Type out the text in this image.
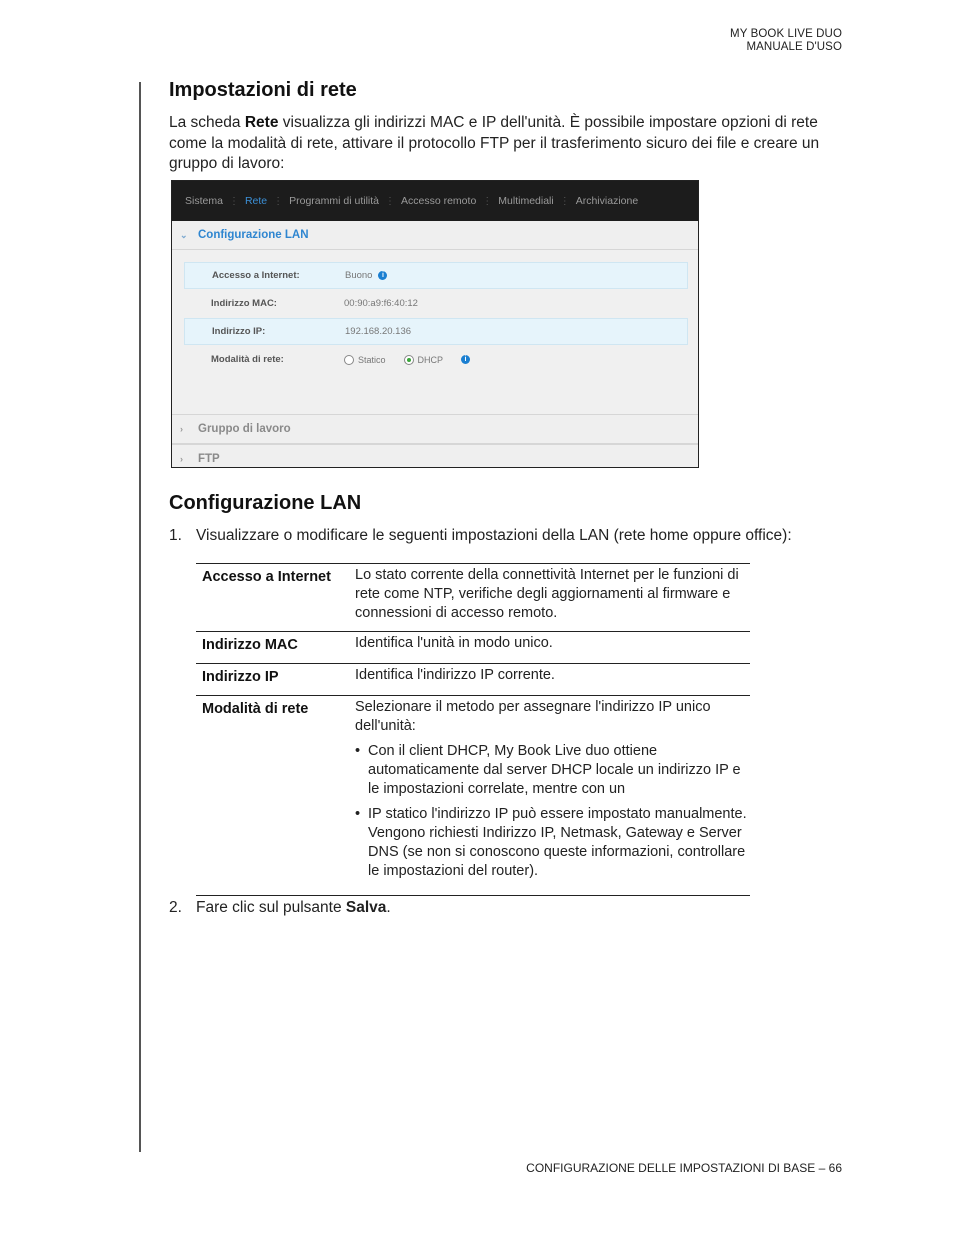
MY BOOK LIVE DUO
MANUALE D'USO
Impostazioni di rete
La scheda Rete visualizza gli indirizzi MAC e IP dell'unità. È possibile impostare opzioni di rete come la modalità di rete, attivare il protocollo FTP per il trasferimento sicuro dei file e creare un gruppo di lavoro:
Sistema ⋮ Rete ⋮ Programmi di utilità ⋮ Accesso remoto ⋮ Multimediali ⋮ Archiviazione
⌄ Configurazione LAN
Accesso a Internet:	Buono	i
Indirizzo MAC:	00:90:a9:f6:40:12
Indirizzo IP:	192.168.20.136
Modalità di rete:	Statico	DHCP	i
›	Gruppo di lavoro
›	FTP
Configurazione LAN
1. Visualizzare o modificare le seguenti impostazioni della LAN (rete home oppure office):
Accesso a Internet	Lo stato corrente della connettività Internet per le funzioni di rete come NTP, verifiche degli aggiornamenti al firmware e connessioni di accesso remoto.
Indirizzo MAC	Identifica l'unità in modo unico.
Indirizzo IP	Identifica l'indirizzo IP corrente.
Modalità di rete	Selezionare il metodo per assegnare l'indirizzo IP unico dell'unità:
• Con il client DHCP, My Book Live duo ottiene automaticamente dal server DHCP locale un indirizzo IP e le impostazioni correlate, mentre con un
• IP statico l'indirizzo IP può essere impostato manualmente. Vengono richiesti Indirizzo IP, Netmask, Gateway e Server DNS (se non si conoscono queste informazioni, controllare le impostazioni del router).
2. Fare clic sul pulsante Salva.
CONFIGURAZIONE DELLE IMPOSTAZIONI DI BASE – 66
